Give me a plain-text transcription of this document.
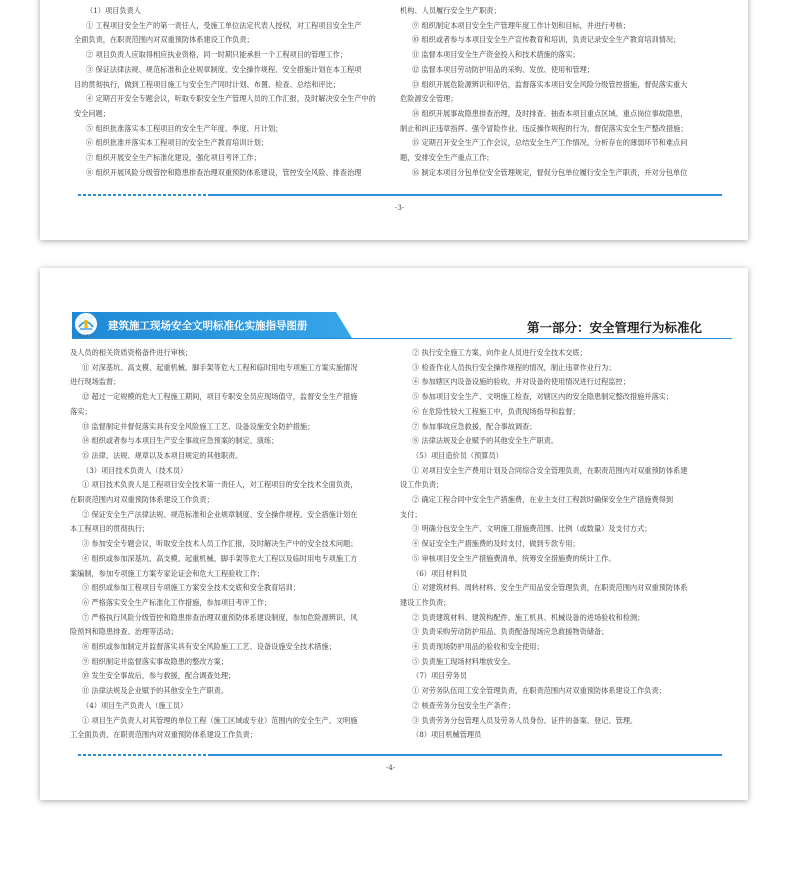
（1）项目负责人
① 工程项目安全生产的第一责任人，受施工单位法定代表人授权，对工程项目安全生产
全面负责，在职责范围内对双重预防体系建设工作负责；
② 项目负责人应取得相应执业资格，同一时期只能承担一个工程项目的管理工作；
③ 保证法律法规、规范标准和企业规章制度、安全操作规程、安全措施计划在本工程项
目的贯彻执行，做到工程项目施工与安全生产同时计划、布置、检查、总结和评比；
④ 定期召开安全专题会议，听取专职安全生产管理人员的工作汇报，及时解决安全生产中的
安全问题；
⑤ 组织批准落实本工程项目的安全生产年度、季度、月计划；
⑥ 组织批准并落实本工程项目的安全生产教育培训计划；
⑦ 组织开展安全生产标准化建设，强化项目考评工作；
⑧ 组织开展风险分级管控和隐患排查治理双重预防体系建设，管控安全风险、排查治理
机构、人员履行安全生产职责；
⑨ 组织制定本项目安全生产管理年度工作计划和目标，并进行考核；
⑩ 组织或者参与本项目安全生产宣传教育和培训，负责记录安全生产教育培训情况；
⑪ 监督本项目安全生产资金投入和技术措施的落实；
⑫ 监督本项目劳动防护用品的采购、发放、使用和管理；
⑬ 组织开展危险源辨识和评估，监督落实本项目安全风险分级管控措施，督促落实重大
危险源安全管理；
⑭ 组织开展事故隐患排查治理，及时排查、抽查本项目重点区域、重点岗位事故隐患，
制止和纠正违章指挥、强令冒险作业、违反操作规程的行为，督促落实安全生产整改措施；
⑮ 定期召开安全生产工作会议，总结安全生产工作情况，分析存在的薄弱环节和难点问
题，安排安全生产重点工作；
⑯ 制定本项目分包单位安全管理规定，督促分包单位履行安全生产职责，并对分包单位
-3-
巩义建工
建筑施工现场安全文明标准化实施指导图册	第一部分：安全管理行为标准化
及人员的相关资质资格备件进行审核；
⑪ 对深基坑、高支模、起重机械、脚手架等危大工程和临时用电专项施工方案实施情况
进行现场监督；
⑫ 超过一定规模的危大工程施工期间，项目专职安全员应现场值守，监督安全生产措施
落实；
⑬ 监督制定并督促落实具有安全风险施工工艺、设备设施安全防护措施；
⑭ 组织或者参与本项目生产安全事故应急预案的制定、演练；
⑮ 法律、法规、规章以及本项目规定的其他职责。
（3）项目技术负责人（技术员）
① 项目技术负责人是工程项目安全技术第一责任人，对工程项目的安全技术全面负责，
在职责范围内对双重预防体系建设工作负责；
② 保证安全生产法律法规、规范标准和企业规章制度、安全操作规程、安全措施计划在
本工程项目的贯彻执行；
③ 参加安全专题会议，听取安全技术人员工作汇报，及时解决生产中的安全技术问题；
④ 组织或参加深基坑、高支模、起重机械、脚手架等危大工程以及临时用电专项施工方
案编制，参加专项施工方案专家论证会和危大工程验收工作；
⑤ 组织或参加工程项目专项施工方案安全技术交底和安全教育培训；
⑥ 严格落实安全生产标准化工作措施，参加项目考评工作；
⑦ 严格执行风险分级管控和隐患排查治理双重预防体系建设制度，参加危险源辨识、风
险预判和隐患排查、治理等活动；
⑧ 组织或参加制定并监督落实具有安全风险施工工艺、设备设施安全技术措施；
⑨ 组织制定并监督落实事故隐患的整改方案；
⑩ 发生安全事故后，参与救援，配合调查处理；
⑪ 法律法规及企业赋予的其他安全生产职责。
（4）项目生产负责人（施工员）
① 项目生产负责人对其管理的单位工程（施工区域或专业）范围内的安全生产、文明施
工全面负责，在职责范围内对双重预防体系建设工作负责；
② 执行安全施工方案，向作业人员进行安全技术交底；
③ 检查作业人员执行安全操作规程的情况，制止违章作业行为；
④ 参加辖区内设备设施的验收，并对设备的使用情况进行过程监控；
⑤ 参加项目安全生产、文明施工检查，对辖区内的安全隐患制定整改措施并落实；
⑥ 在危险性较大工程施工中，负责现场指导和监督；
⑦ 参加事故应急救援，配合事故调查；
⑧ 法律法规及企业赋予的其他安全生产职责。
（5）项目造价员（预算员）
① 对项目安全生产费用计划及合同综合安全管理负责，在职责范围内对双重预防体系建
设工作负责；
② 确定工程合同中安全生产措施费，在业主支付工程款时确保安全生产措施费得到
支付；
③ 明确分包安全生产、文明施工措施费范围、比例（或数量）及支付方式；
④ 保证安全生产措施费的及时支付，做到专款专用；
⑤ 审核项目安全生产措施费清单，统筹安全措施费的统计工作。
（6）项目材料员
① 对建筑材料、周转材料、安全生产用品安全管理负责，在职责范围内对双重预防体系
建设工作负责；
② 负责建筑材料、建筑构配件、施工机具、机械设备的进场验收和检测；
③ 负责采购劳动防护用品、负责配备现场应急救援物资储备；
④ 负责现场防护用品的验收和安全使用；
⑤ 负责施工现场材料堆放安全。
（7）项目劳务员
① 对劳务队伍用工安全管理负责，在职责范围内对双重预防体系建设工作负责；
② 核查劳务分包安全生产条件；
③ 负责劳务分包管理人员及劳务人员身份、证件的备案、登记、管理。
（8）项目机械管理员
-4-
